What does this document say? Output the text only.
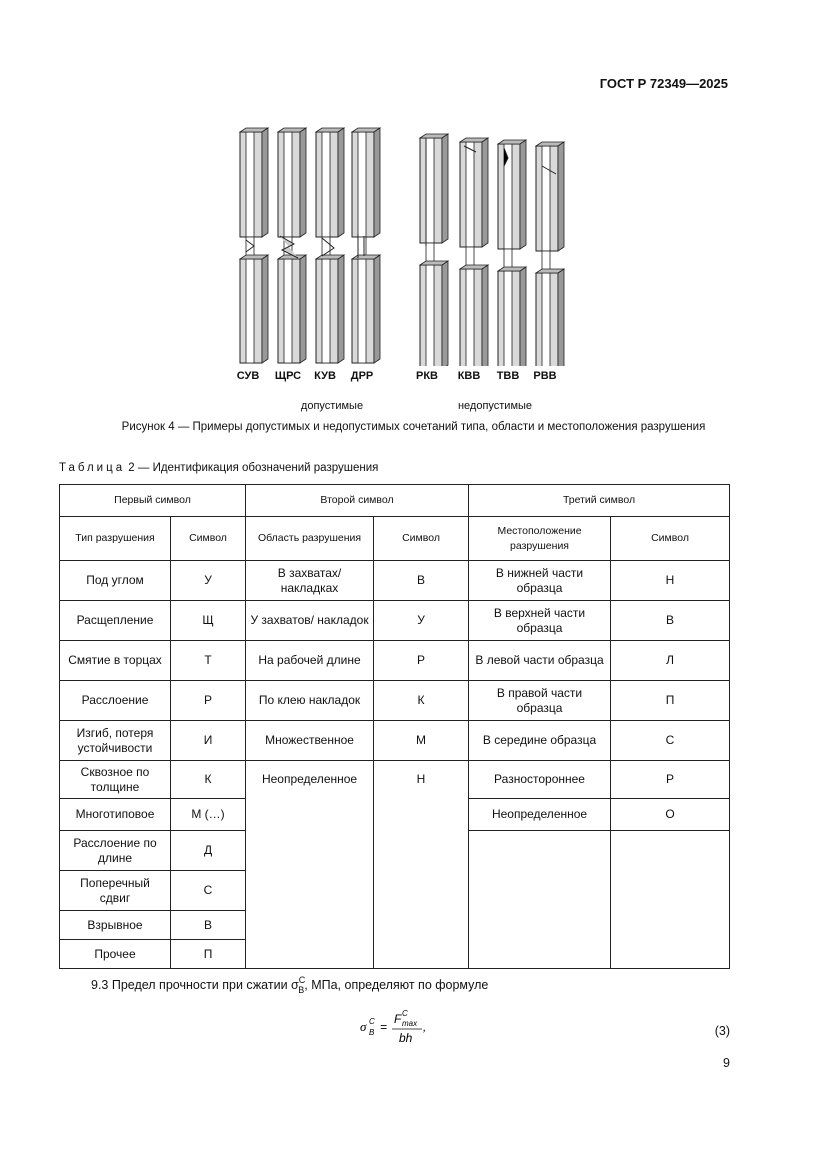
ГОСТ Р 72349—2025
СУВ	ЩРС	КУВ	ДРР	РКВ	КВВ	ТВВ	РВВ
допустимые	недопустимые
Рисунок 4 — Примеры допустимых и недопустимых сочетаний типа, области и местоположения разрушения
Таблица 2 — Идентификация обозначений разрушения
Первый символ		Второй символ		Третий символ	
Тип разрушения	Символ	Область разрушения	Символ	Местоположение разрушения	Символ
Под углом	У	В захватах/ накладках	В	В нижней части образца	Н
Расщепление	Щ	У захватов/ накладок	У	В верхней части образца	В
Смятие в торцах	Т	На рабочей длине	Р	В левой части образца	Л
Расслоение	Р	По клею накладок	К	В правой части образца	П
Изгиб, потеря устойчивости	И	Множественное	М	В середине образца	С
Сквозное по толщине	К	Неопределенное	Н	Разностороннее	Р
Многотиповое	М (…)			Неопределенное	О
Расслоение по длине	Д				
Поперечный сдвиг	С				
Взрывное	В				
Прочее	П				
9.3 Предел прочности при сжатии $\sigma^C_B$, МПа, определяют по формуле
σ C
B =
F C
max
bh
,	(3)
9
